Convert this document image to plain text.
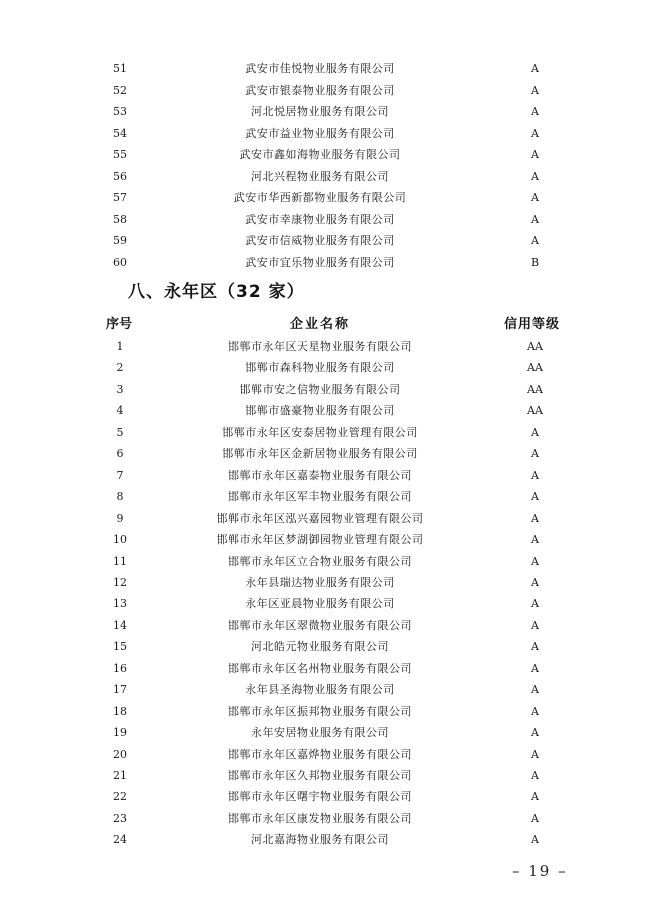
51	武安市佳悦物业服务有限公司	A
52	武安市银泰物业服务有限公司	A
53	河北悦居物业服务有限公司	A
54	武安市益业物业服务有限公司	A
55	武安市鑫如海物业服务有限公司	A
56	河北兴程物业服务有限公司	A
57	武安市华西新都物业服务有限公司	A
58	武安市幸康物业服务有限公司	A
59	武安市信威物业服务有限公司	A
60	武安市宜乐物业服务有限公司	B
八、永年区（32 家）
序号	企业名称	信用等级
1	邯郸市永年区天星物业服务有限公司	AA
2	邯郸市森科物业服务有限公司	AA
3	邯郸市安之信物业服务有限公司	AA
4	邯郸市盛豪物业服务有限公司	AA
5	邯郸市永年区安泰居物业管理有限公司	A
6	邯郸市永年区金新居物业服务有限公司	A
7	邯郸市永年区嘉泰物业服务有限公司	A
8	邯郸市永年区军丰物业服务有限公司	A
9	邯郸市永年区泓兴嘉园物业管理有限公司	A
10	邯郸市永年区梦湖御园物业管理有限公司	A
11	邯郸市永年区立合物业服务有限公司	A
12	永年县瑞达物业服务有限公司	A
13	永年区亚晨物业服务有限公司	A
14	邯郸市永年区翠微物业服务有限公司	A
15	河北皓元物业服务有限公司	A
16	邯郸市永年区名州物业服务有限公司	A
17	永年县圣海物业服务有限公司	A
18	邯郸市永年区振邦物业服务有限公司	A
19	永年安居物业服务有限公司	A
20	邯郸市永年区嘉烨物业服务有限公司	A
21	邯郸市永年区久邦物业服务有限公司	A
22	邯郸市永年区曙宇物业服务有限公司	A
23	邯郸市永年区康发物业服务有限公司	A
24	河北嘉海物业服务有限公司	A
– 19 –
